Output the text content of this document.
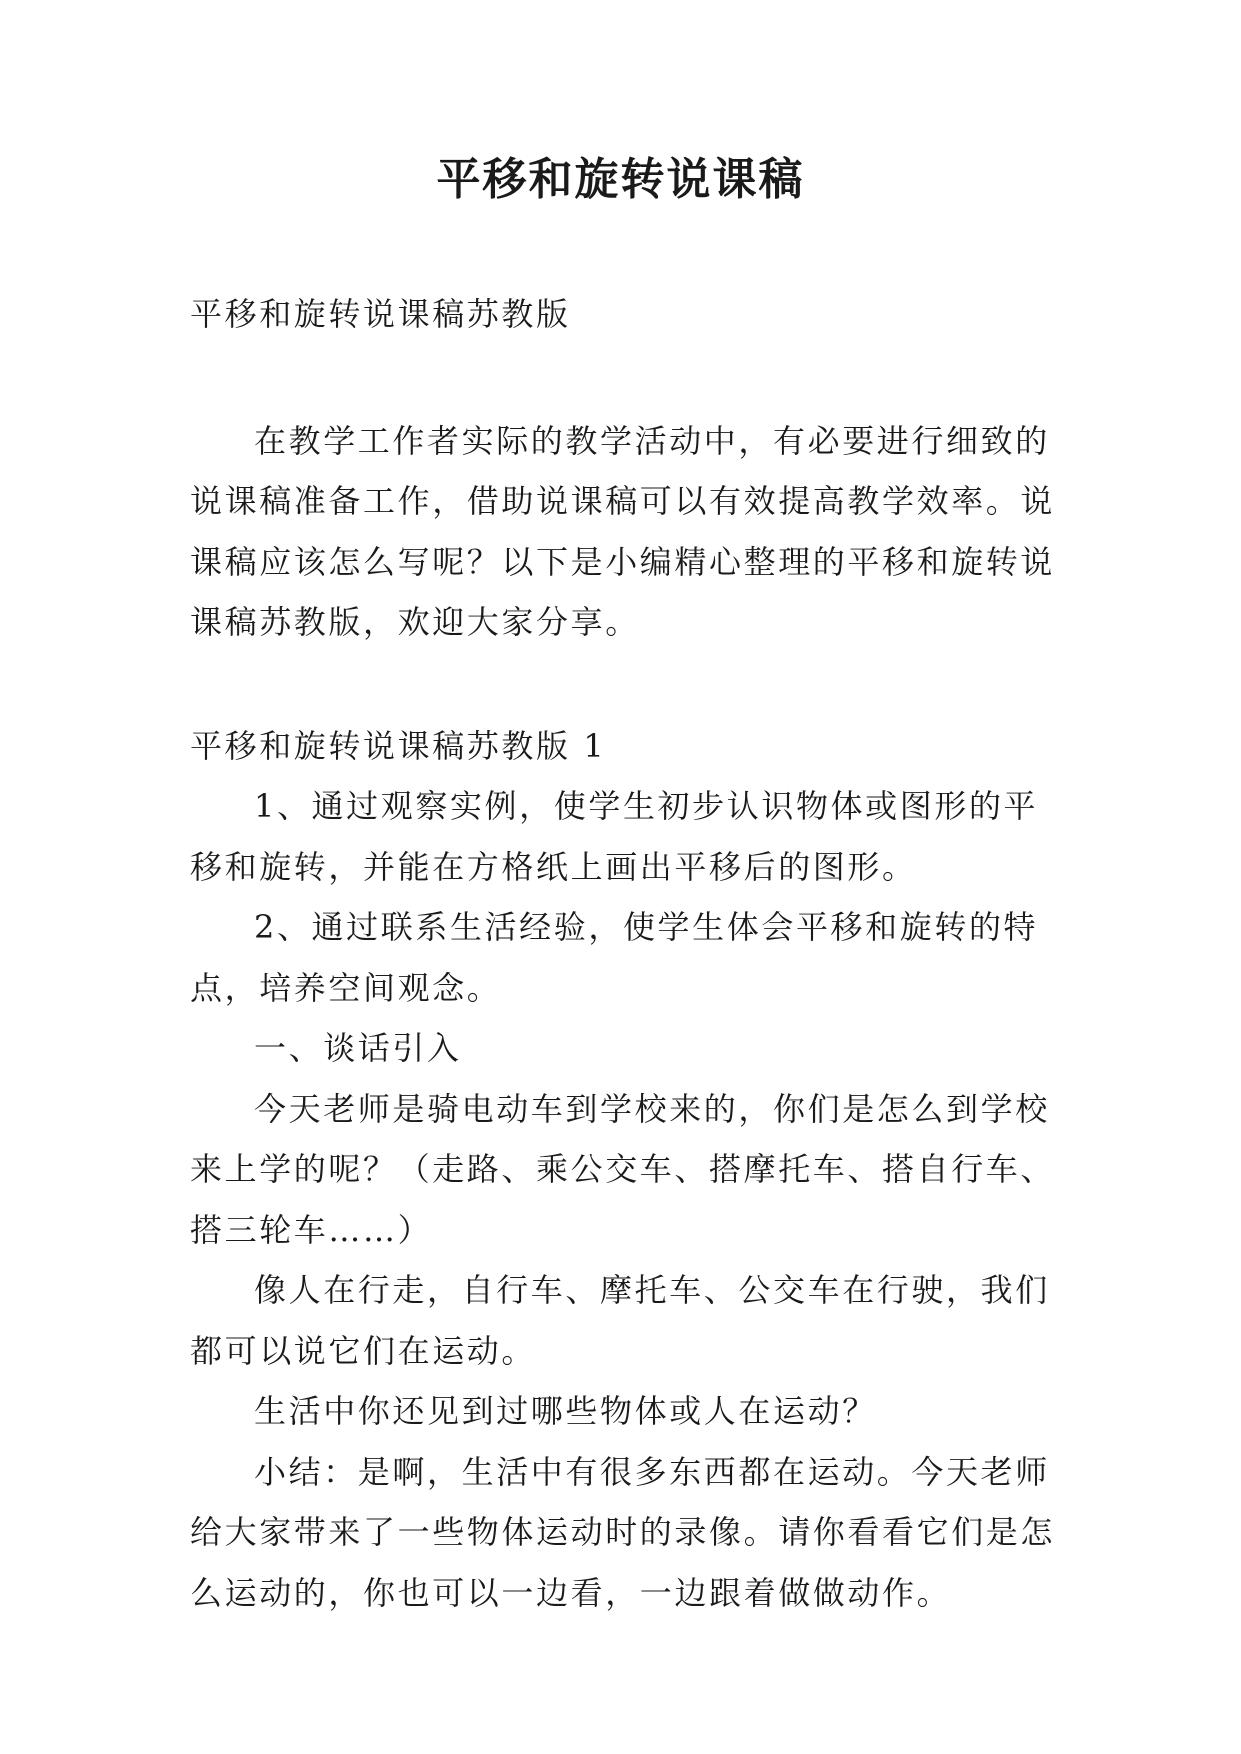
平移和旋转说课稿

平移和旋转说课稿苏教版

在教学工作者实际的教学活动中，有必要进行细致的说课稿准备工作，借助说课稿可以有效提高教学效率。说课稿应该怎么写呢？以下是小编精心整理的平移和旋转说课稿苏教版，欢迎大家分享。

平移和旋转说课稿苏教版 1

1、通过观察实例，使学生初步认识物体或图形的平移和旋转，并能在方格纸上画出平移后的图形。

2、通过联系生活经验，使学生体会平移和旋转的特点，培养空间观念。

一、谈话引入

今天老师是骑电动车到学校来的，你们是怎么到学校来上学的呢？（走路、乘公交车、搭摩托车、搭自行车、搭三轮车……）

像人在行走，自行车、摩托车、公交车在行驶，我们都可以说它们在运动。

生活中你还见到过哪些物体或人在运动？

小结：是啊，生活中有很多东西都在运动。今天老师给大家带来了一些物体运动时的录像。请你看看它们是怎么运动的，你也可以一边看，一边跟着做做动作。
